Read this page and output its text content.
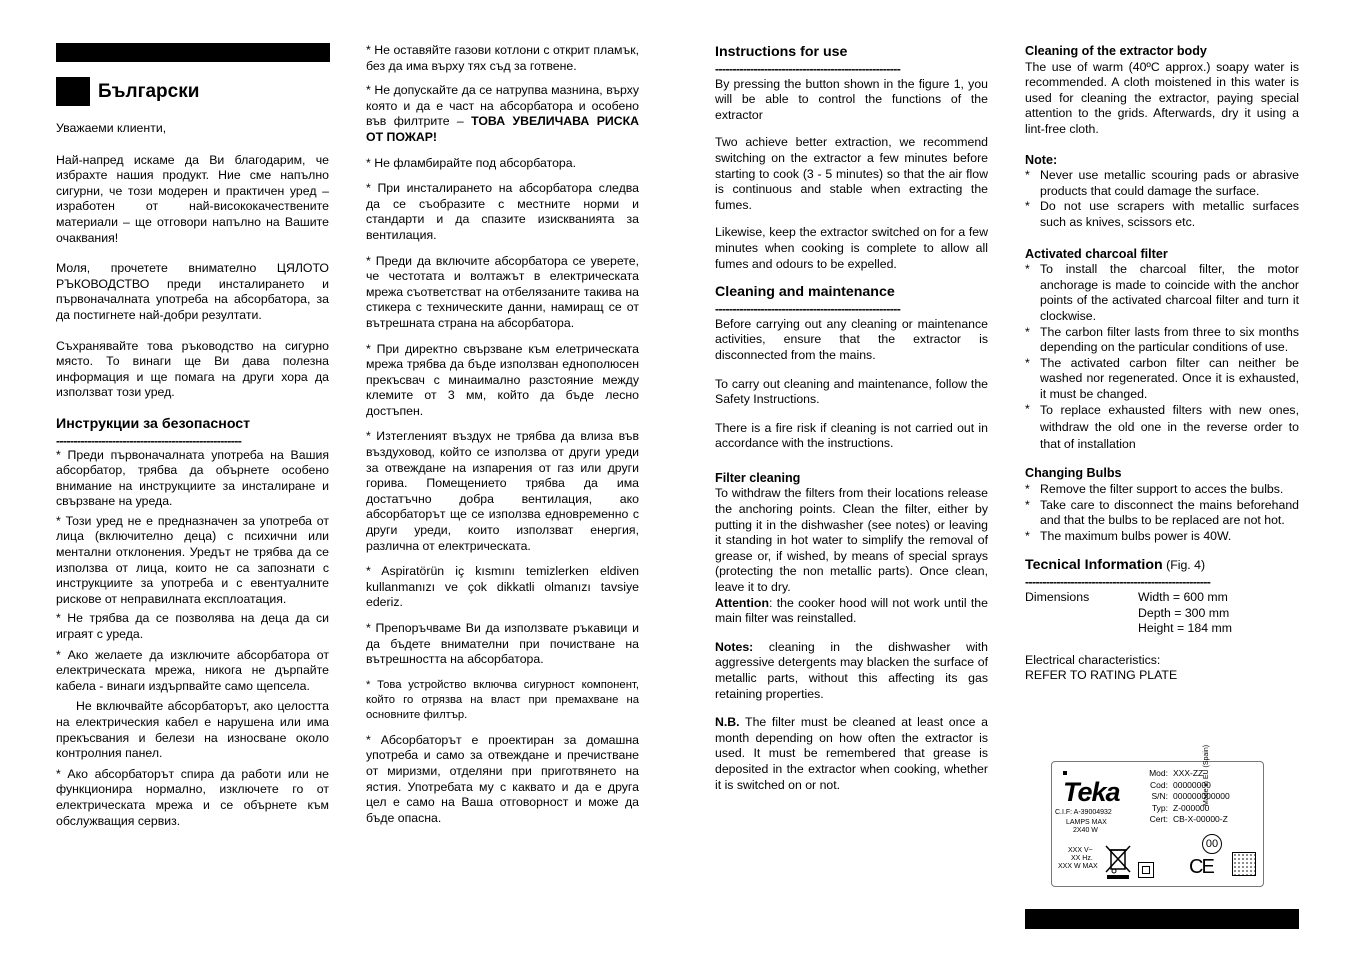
Български

Уважаеми клиенти,

Най-напред искаме да Ви благодарим, че избрахте нашия продукт. Ние сме напълно сигурни, че този модерен и практичен уред – изработен от най-висококачествените материали – ще отговори напълно на Вашите очаквания!

Моля, прочетете внимателно ЦЯЛОТО РЪКОВОДСТВО преди инсталирането и първоначалната употреба на абсорбатора, за да постигнете най-добри резултати.

Съхранявайте това ръководство на сигурно място. То винаги ще Ви дава полезна информация и ще помага на други хора да използват този уред.

Инструкции за безопасност

-----------------------------------------------------

* Преди първоначалната употреба на Вашия абсорбатор, трябва да обърнете особено внимание на инструкциите за инсталиране и свързване на уреда.

* Този уред не е предназначен за употреба от лица (включително деца) с психични или ментални отклонения. Уредът не трябва да се използва от лица, които не са запознати с инструкциите за употреба и с евентуалните рискове от неправилната експлоатация.

* Не трябва да се позволява на деца да си играят с уреда.

* Ако желаете да изключите абсорбатора от електрическата мрежа, никога не дърпайте кабела - винаги издърпвайте само щепсела.

Не включвайте абсорбаторът, ако целостта на електрическия кабел е нарушена или има прекъсвания и белези на износване около контролния панел.

* Ако абсорбаторът спира да работи или не функционира нормално, изключете го от електрическата мрежа и се обърнете към обслужващия сервиз.

* Не оставяйте газови котлони с открит пламък, без да има върху тях съд за готвене.

* Не допускайте да се натрупва мазнина, върху която и да е част на абсорбатора и особено във филтрите – ТОВА УВЕЛИЧАВА РИСКА ОТ ПОЖАР!

* Не фламбирайте под абсорбатора.

* При инсталирането на абсорбатора следва да се съобразите с местните норми и стандарти и да спазите изискванията за вентилация.

* Преди да включите абсорбатора се уверете, че честотата и волтажът в електрическата мрежа съответстват на отбелязаните такива на стикера с техническите данни, намиращ се от вътрешната страна на абсорбатора.

* При директно свързване към елетрическата мрежа трябва да бъде използван еднополюсен прекъсвач с минаимално разстояние между клемите от 3 мм, който да бъде лесно достъпен.

* Изтегленият въздух не трябва да влиза във въздуховод, който се използва от други уреди за отвеждане на изпарения от газ или други горива. Помещението трябва да има достатъчно добра вентилация, ако абсорбаторът ще се използва едновременно с други уреди, които използват енергия, различна от електрическата.

* Aspiratörün iç kısmını temizlerken eldiven kullanmanızı ve çok dikkatli olmanızı tavsiye ederiz.

* Препоръчваме Ви да използвате ръкавици и да бъдете внимателни при почистване на вътрешността на абсорбатора.

* Това устройство включва сигурност компонент, който го отрязва на власт при премахване на основните филтър.

* Абсорбаторът е проектиран за домашна употреба и само за отвеждане и пречистване от миризми, отделяни при приготвянето на ястия. Употребата му с каквато и да е друга цел е само на Ваша отговорност и може да бъде опасна.

Instructions for use

-----------------------------------------------------

By pressing the button shown in the figure 1, you will be able to control the functions of the extractor

Two achieve better extraction, we recommend switching on the extractor a few minutes before starting to cook (3 - 5 minutes) so that the air flow is continuous and stable when extracting the fumes.

Likewise, keep the extractor switched on for a few minutes when cooking is complete to allow all fumes and odours to be expelled.

Cleaning and maintenance

-----------------------------------------------------

Before carrying out any cleaning or maintenance activities, ensure that the extractor is disconnected from the mains.

To carry out cleaning and maintenance, follow the Safety Instructions.

There is a fire risk if cleaning is not carried out in accordance with the instructions.

Filter cleaning

To withdraw the filters from their locations release the anchoring points. Clean the filter, either by putting it in the dishwasher (see notes) or leaving it standing in hot water to simplify the removal of grease or, if wished, by means of special sprays (protecting the non metallic parts). Once clean, leave it to dry.

Attention: the cooker hood will not work until the main filter was reinstalled.

Notes: cleaning in the dishwasher with aggressive detergents may blacken the surface of metallic parts, without this affecting its gas retaining properties.

N.B. The filter must be cleaned at least once a month depending on how often the extractor is used. It must be remembered that grease is deposited in the extractor when cooking, whether it is switched on or not.

Cleaning of the extractor body

The use of warm (40ºC approx.) soapy water is recommended. A cloth moistened in this water is used for cleaning the extractor, paying special attention to the grids. Afterwards, dry it using a lint-free cloth.

Note:

* Never use metallic scouring pads or abrasive products that could damage the surface.
* Do not use scrapers with metallic surfaces such as knives, scissors etc.

Activated charcoal filter

* To install the charcoal filter, the motor anchorage is made to coincide with the anchor points of the activated charcoal filter and turn it clockwise.
* The carbon filter lasts from three to six months depending on the particular conditions of use.
* The activated carbon filter can neither be washed nor regenerated. Once it is exhausted, it must be changed.
* To replace exhausted filters with new ones, withdraw the old one in the reverse order to that of installation

Changing Bulbs

* Remove the filter support to acces the bulbs.
* Take care to disconnect the mains beforehand and that the bulbs to be replaced are not hot.
* The maximum bulbs power is 40W.

Tecnical Information (Fig. 4)

-----------------------------------------------------

Dimensions	Width = 600 mm
Depth = 300 mm
Height = 184 mm

Electrical characteristics:

REFER TO RATING PLATE

Teka
C.I.F: A-39004932
LAMPS MAX
2X40 W
Mod: XXX-ZZ
Cod: 00000000
S/N: 000000000000
Typ: Z-000000
Cert: CB-X-00000-Z
Made in EU (Spain)
XXX V~
XX Hz.
XXX W MAX
00
CE
